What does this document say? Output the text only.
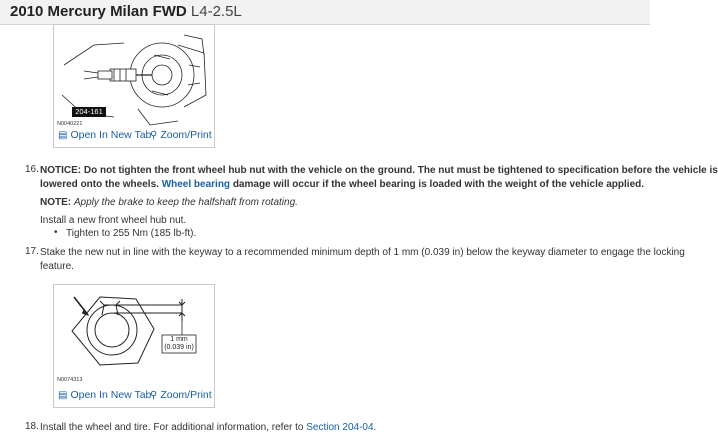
2010 Mercury Milan FWD L4-2.5L
204-161
N0040221
▤ Open In New Tab
⚲ Zoom/Print
16. NOTICE: Do not tighten the front wheel hub nut with the vehicle on the ground. The nut must be tightened to specification before the vehicle is
lowered onto the wheels. Wheel bearing damage will occur if the wheel bearing is loaded with the weight of the vehicle applied.
NOTE: Apply the brake to keep the halfshaft from rotating.
Install a new front wheel hub nut.
• Tighten to 255 Nm (185 lb-ft).
17. Stake the new nut in line with the keyway to a recommended minimum depth of 1 mm (0.039 in) below the keyway diameter to engage the locking
feature.
1 mm
(0.039 in)
N0074313
▤ Open In New Tab
⚲ Zoom/Print
18. Install the wheel and tire. For additional information, refer to Section 204-04.
